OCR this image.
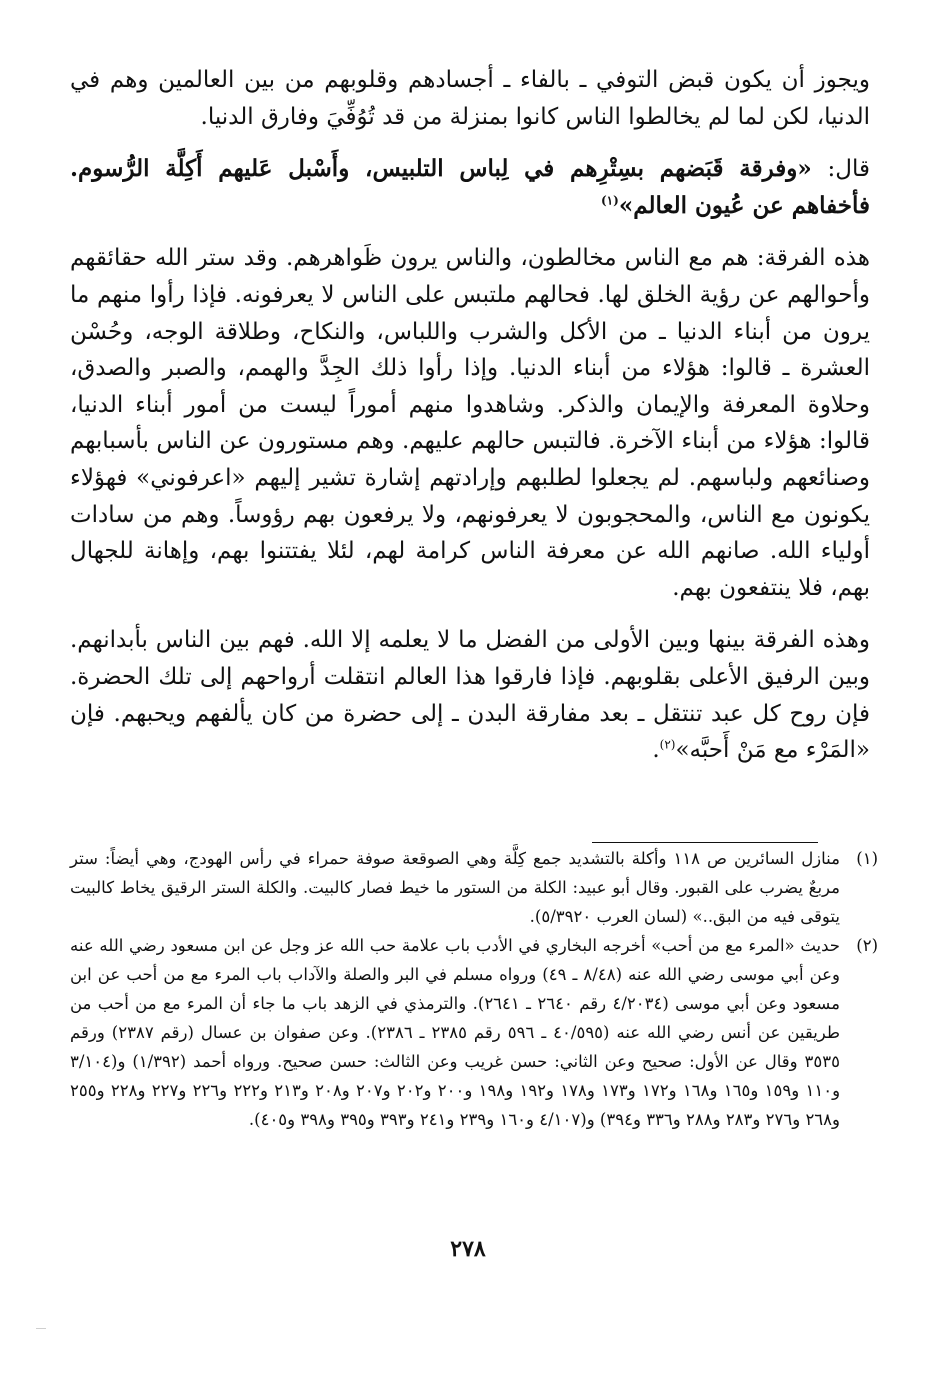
ويجوز أن يكون قبض التوفي ـ بالفاء ـ أجسادهم وقلوبهم من بين العالمين وهم في الدنيا، لكن لما لم يخالطوا الناس كانوا بمنزلة من قد تُوُفِّيَ وفارق الدنيا.

قال: «وفرقة قَبَضهم بسِتْرِهم في لِباس التلبيس، وأَسْبل عَليهم أَكِلَّة الرُّسوم. فأخفاهم عن عُيون العالم»$^{(١)}$

هذه الفرقة: هم مع الناس مخالطون، والناس يرون ظَواهرهم. وقد ستر الله حقائقهم وأحوالهم عن رؤية الخلق لها. فحالهم ملتبس على الناس لا يعرفونه. فإذا رأوا منهم ما يرون من أبناء الدنيا ـ من الأكل والشرب واللباس، والنكاح، وطلاقة الوجه، وحُسْن العشرة ـ قالوا: هؤلاء من أبناء الدنيا. وإذا رأوا ذلك الجِدَّ والهمم، والصبر والصدق، وحلاوة المعرفة والإيمان والذكر. وشاهدوا منهم أموراً ليست من أمور أبناء الدنيا، قالوا: هؤلاء من أبناء الآخرة. فالتبس حالهم عليهم. وهم مستورون عن الناس بأسبابهم وصنائعهم ولباسهم. لم يجعلوا لطلبهم وإرادتهم إشارة تشير إليهم «اعرفوني» فهؤلاء يكونون مع الناس، والمحجوبون لا يعرفونهم، ولا يرفعون بهم رؤوساً. وهم من سادات أولياء الله. صانهم الله عن معرفة الناس كرامة لهم، لئلا يفتتنوا بهم، وإهانة للجهال بهم، فلا ينتفعون بهم.

وهذه الفرقة بينها وبين الأولى من الفضل ما لا يعلمه إلا الله. فهم بين الناس بأبدانهم. وبين الرفيق الأعلى بقلوبهم. فإذا فارقوا هذا العالم انتقلت أرواحهم إلى تلك الحضرة. فإن روح كل عبد تنتقل ـ بعد مفارقة البدن ـ إلى حضرة من كان يألفهم ويحبهم. فإن «المَرْء مع مَنْ أَحبَّه»$^{(٢)}$.

(١)
منازل السائرين ص ١١٨ وأكلة بالتشديد جمع كِلَّة وهي الصوقعة صوفة حمراء في رأس الهودج، وهي أيضاً: ستر مربعٌ يضرب على القبور. وقال أبو عبيد: الكلة من الستور ما خيط فصار كالبيت. والكلة الستر الرقيق يخاط كالبيت يتوقى فيه من البق..» (لسان العرب ٥/٣٩٢٠).
(٢)
حديث «المرء مع من أحب» أخرجه البخاري في الأدب باب علامة حب الله عز وجل عن ابن مسعود رضي الله عنه وعن أبي موسى رضي الله عنه (٨/٤٨ ـ ٤٩) ورواه مسلم في البر والصلة والآداب باب المرء مع من أحب عن ابن مسعود وعن أبي موسى (٤/٢٠٣٤ رقم ٢٦٤٠ ـ ٢٦٤١). والترمذي في الزهد باب ما جاء أن المرء مع من أحب من طريقين عن أنس رضي الله عنه (٤٠/٥٩٥ ـ ٥٩٦ رقم ٢٣٨٥ ـ ٢٣٨٦). وعن صفوان بن عسال (رقم ٢٣٨٧) ورقم ٣٥٣٥ وقال عن الأول: صحيح وعن الثاني: حسن غريب وعن الثالث: حسن صحيح. ورواه أحمد (١/٣٩٢) و(٣/١٠٤ و١١٠ و١٥٩ و١٦٥ و١٦٨ و١٧٢ و١٧٣ و١٧٨ و١٩٢ و١٩٨ و٢٠٠ و٢٠٢ و٢٠٧ و٢٠٨ و٢١٣ و٢٢٢ و٢٢٦ و٢٢٧ و٢٢٨ و٢٥٥ و٢٦٨ و٢٧٦ و٢٨٣ و٢٨٨ و٣٣٦ و٣٩٤) و(٤/١٠٧ و١٦٠ و٢٣٩ و٢٤١ و٣٩٣ و٣٩٥ و٣٩٨ و٤٠٥).
٢٧٨
